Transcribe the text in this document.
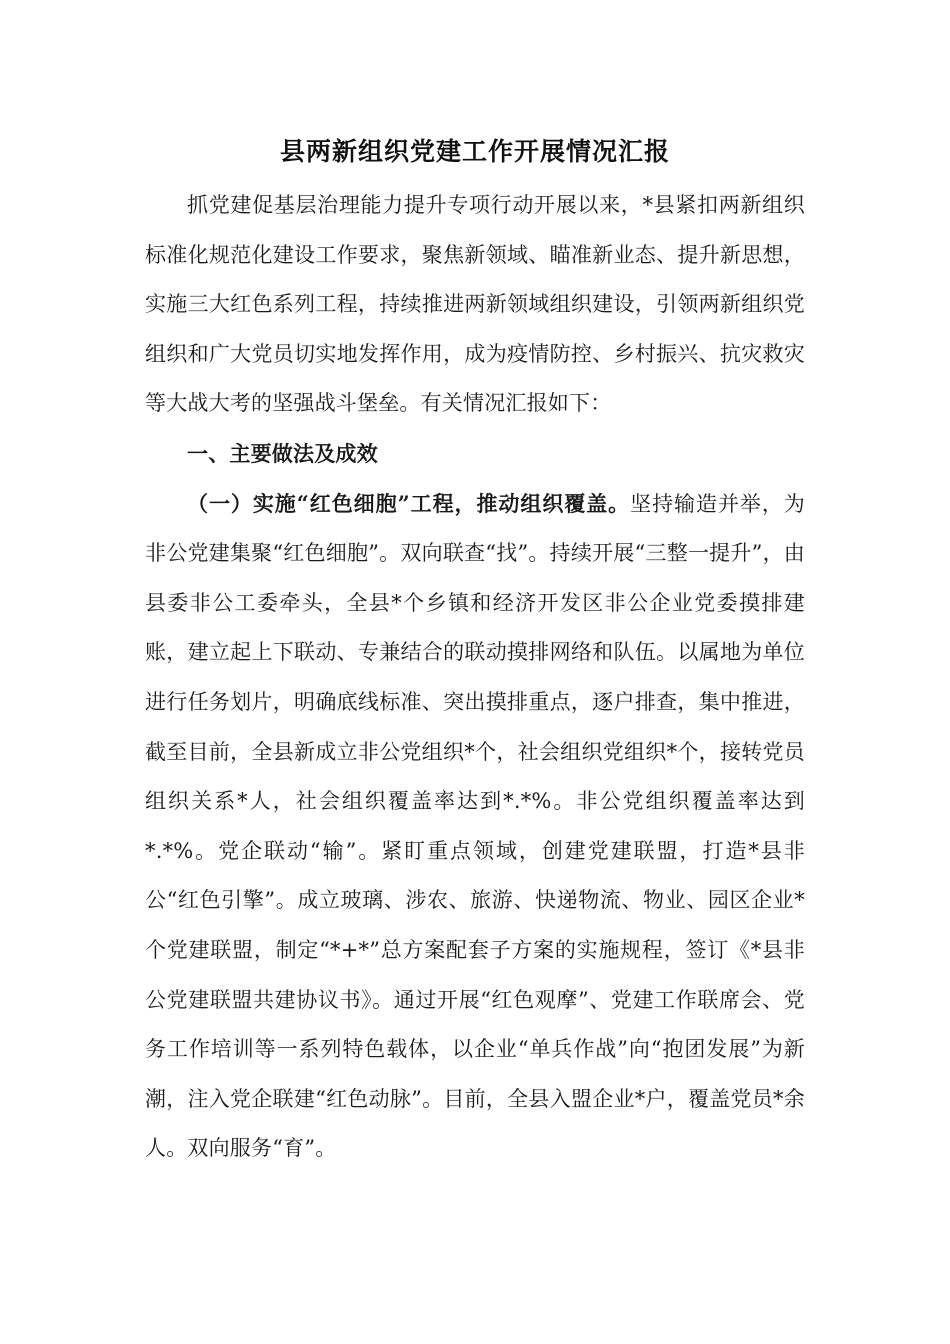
县两新组织党建工作开展情况汇报

抓党建促基层治理能力提升专项行动开展以来，*县紧扣两新组织标准化规范化建设工作要求，聚焦新领域、瞄准新业态、提升新思想，实施三大红色系列工程，持续推进两新领域组织建设，引领两新组织党组织和广大党员切实地发挥作用，成为疫情防控、乡村振兴、抗灾救灾等大战大考的坚强战斗堡垒。有关情况汇报如下：

一、主要做法及成效

（一）实施“红色细胞”工程，推动组织覆盖。坚持输造并举，为非公党建集聚“红色细胞”。双向联查“找”。持续开展“三整一提升”，由县委非公工委牵头，全县*个乡镇和经济开发区非公企业党委摸排建账，建立起上下联动、专兼结合的联动摸排网络和队伍。以属地为单位进行任务划片，明确底线标准、突出摸排重点，逐户排查，集中推进，截至目前，全县新成立非公党组织*个，社会组织党组织*个，接转党员组织关系*人，社会组织覆盖率达到*.*%。非公党组织覆盖率达到*.*%。党企联动“输”。紧盯重点领域，创建党建联盟，打造*县非公“红色引擎”。成立玻璃、涉农、旅游、快递物流、物业、园区企业*个党建联盟，制定“*+*”总方案配套子方案的实施规程，签订《*县非公党建联盟共建协议书》。通过开展“红色观摩”、党建工作联席会、党务工作培训等一系列特色载体，以企业“单兵作战”向“抱团发展”为新潮，注入党企联建“红色动脉”。目前，全县入盟企业*户，覆盖党员*余人。双向服务“育”。
